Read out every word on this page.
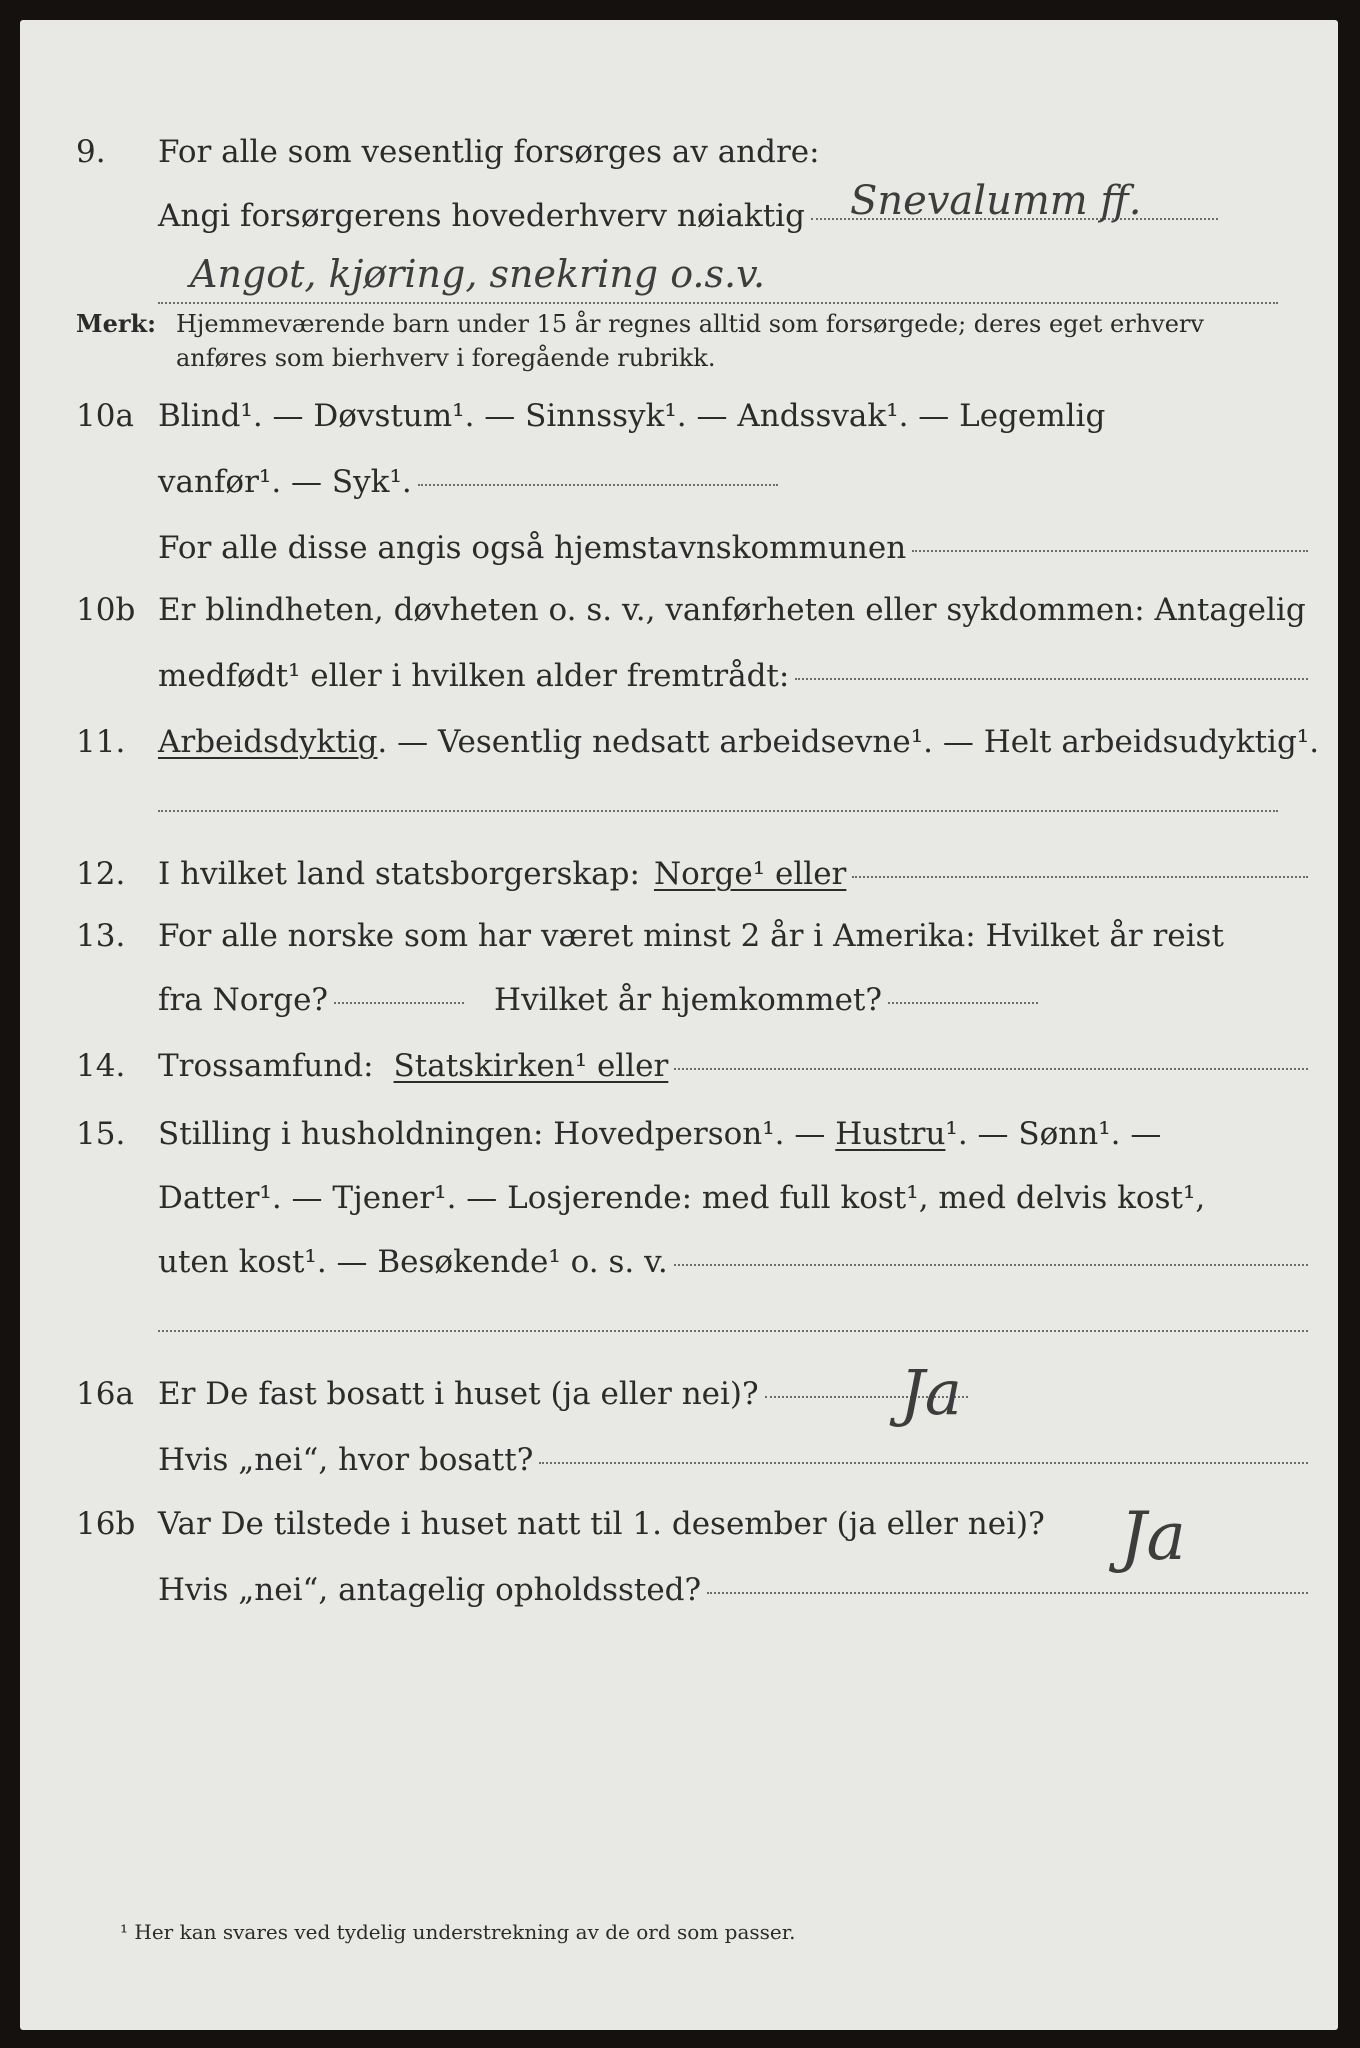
9. For alle som vesentlig forsørges av andre:
Angi forsørgerens hovederhverv nøiaktig Snevalumm ff.
Angot, kjøring, snekring o.s.v.
Merk: Hjemmeværende barn under 15 år regnes alltid som forsørgede; deres eget erhverv
anføres som bierhverv i foregående rubrikk.
10a Blind¹. — Døvstum¹. — Sinnssyk¹. — Andssvak¹. — Legemlig
vanfør¹. — Syk¹.
For alle disse angis også hjemstavnskommunen
10b Er blindheten, døvheten o. s. v., vanførheten eller sykdommen: Antagelig
medfødt¹ eller i hvilken alder fremtrådt:
11. Arbeidsdyktig. — Vesentlig nedsatt arbeidsevne¹. — Helt arbeidsudyktig¹.
12. I hvilket land statsborgerskap: Norge¹ eller
13. For alle norske som har været minst 2 år i Amerika: Hvilket år reist
fra Norge?	Hvilket år hjemkommet?
14. Trossamfund: Statskirken¹ eller
15. Stilling i husholdningen: Hovedperson¹. — Hustru¹. — Sønn¹. —
Datter¹. — Tjener¹. — Losjerende: med full kost¹, med delvis kost¹,
uten kost¹. — Besøkende¹ o. s. v.
16a Er De fast bosatt i huset (ja eller nei)? Ja
Hvis „nei“, hvor bosatt?
16b Var De tilstede i huset natt til 1. desember (ja eller nei)? Ja
Hvis „nei“, antagelig opholdssted?
¹ Her kan svares ved tydelig understrekning av de ord som passer.
